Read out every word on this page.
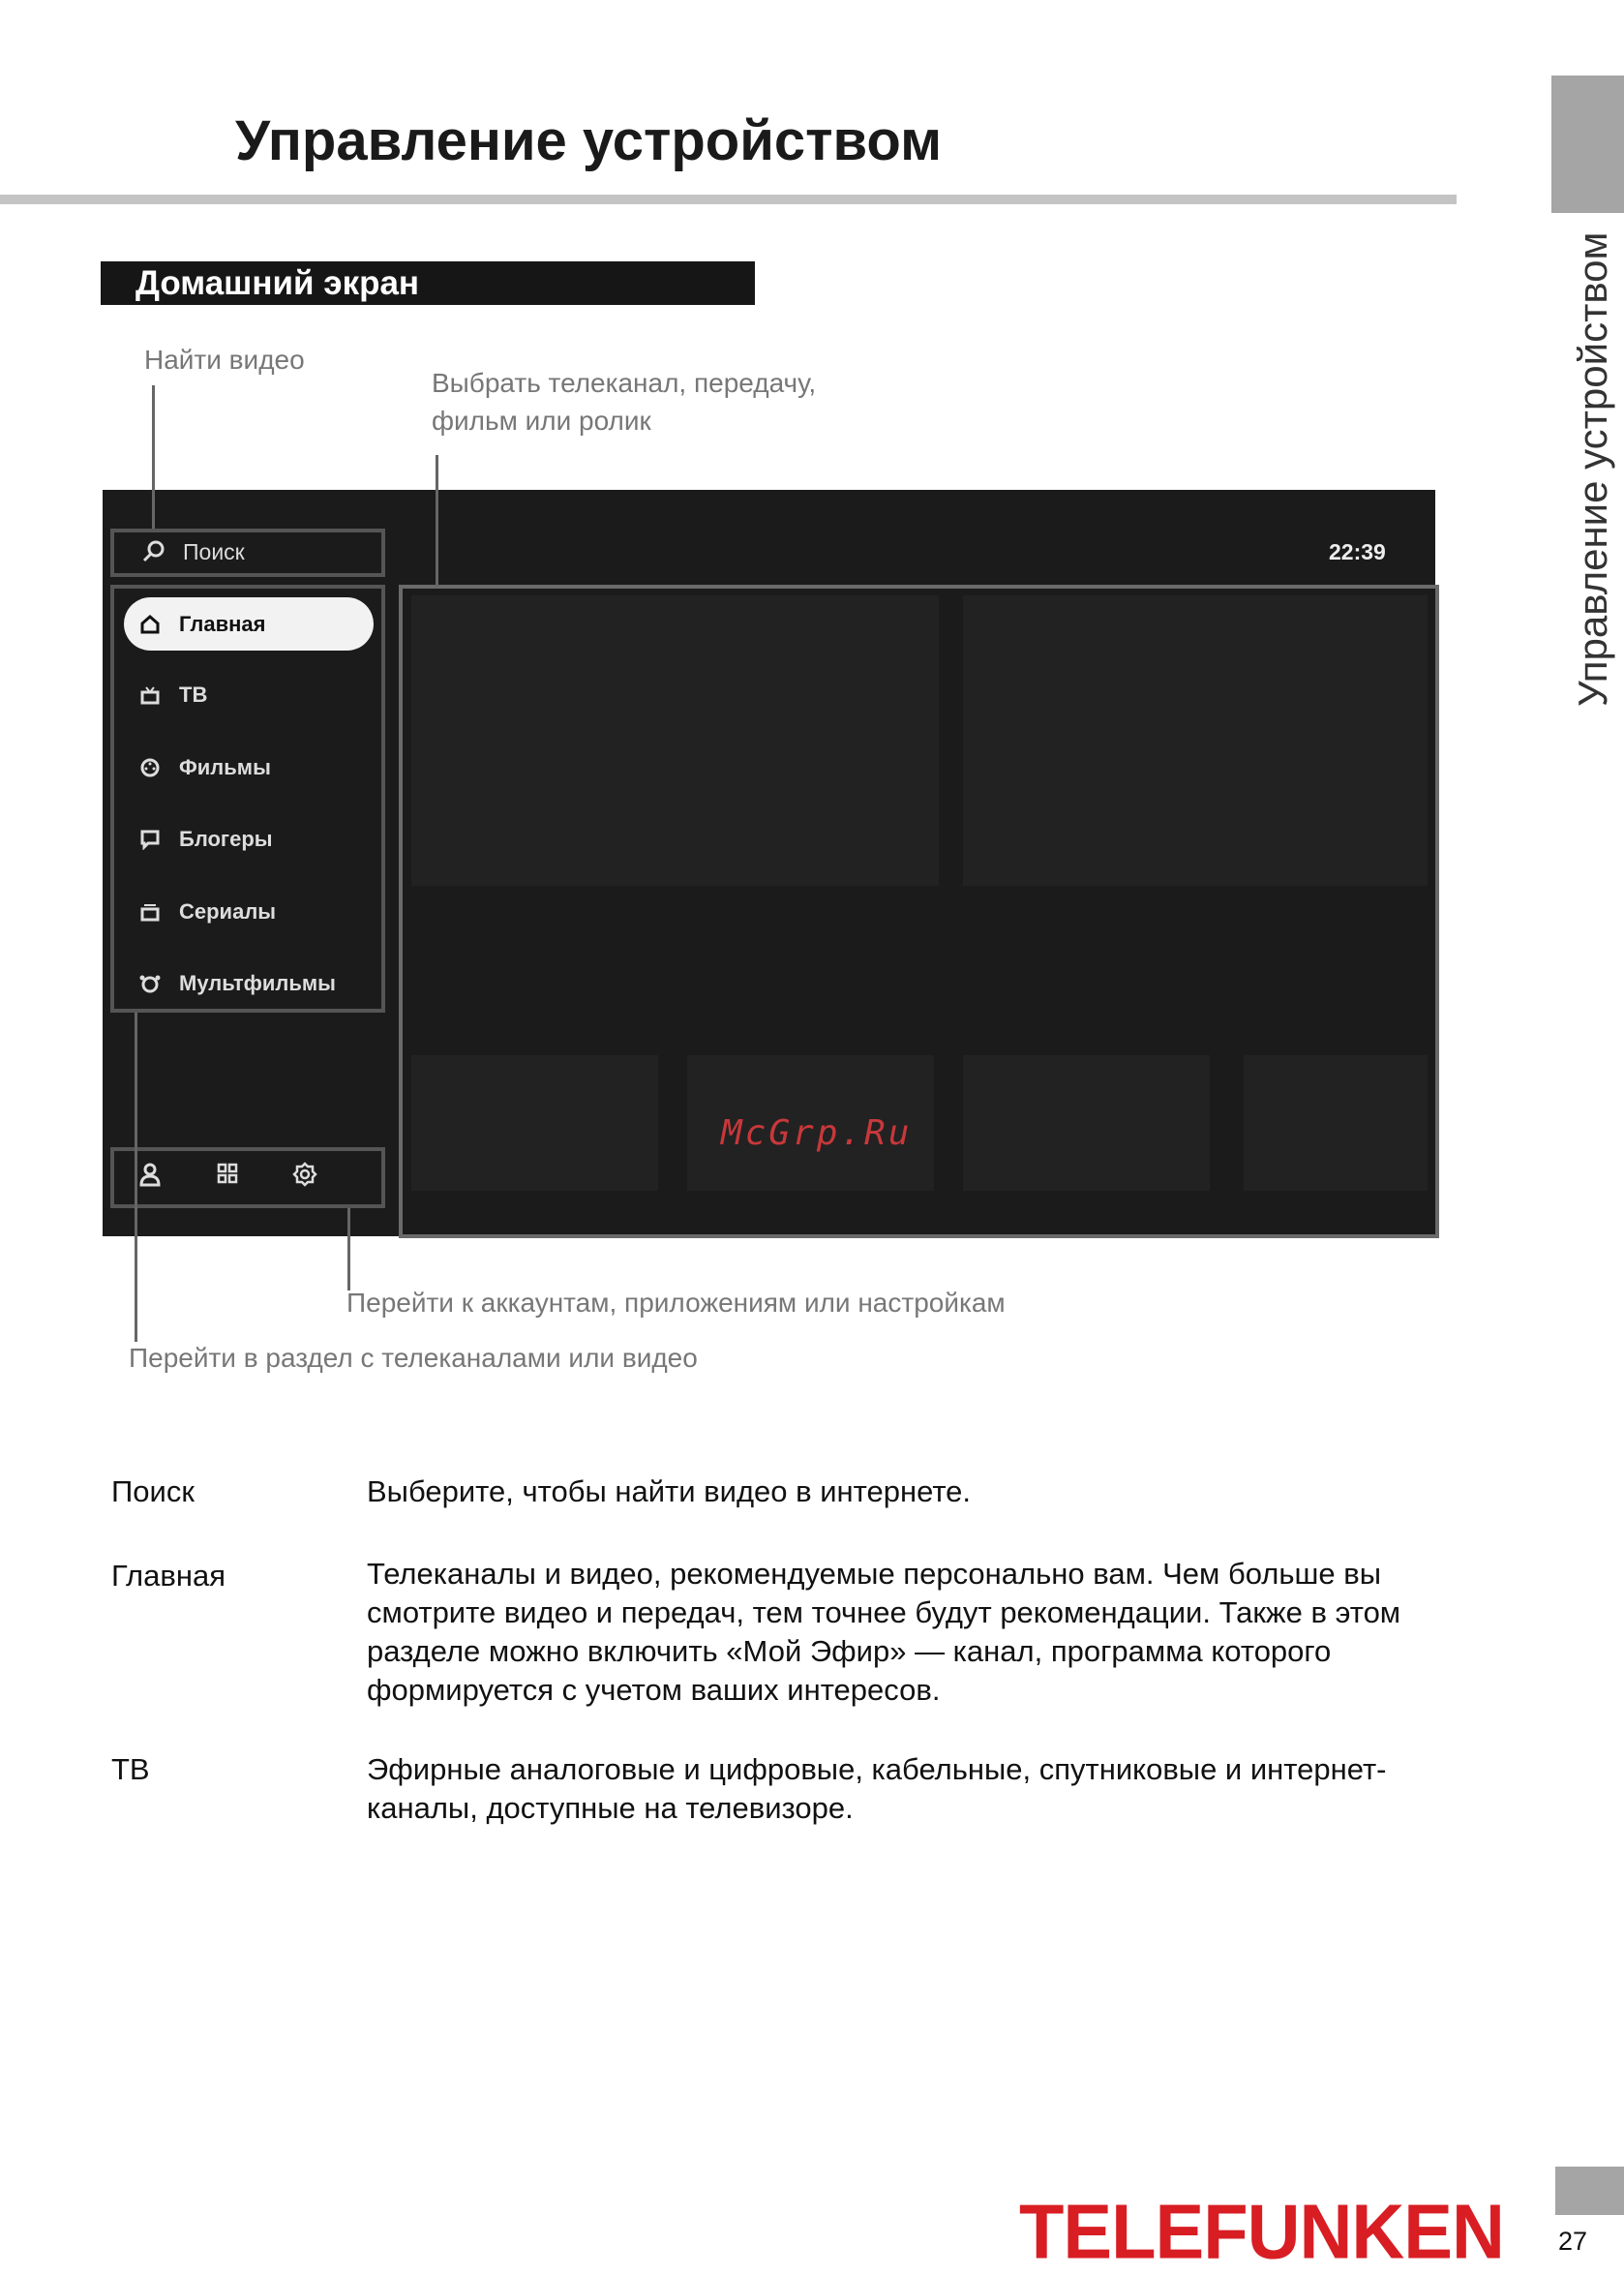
Управление устройством
Управление устройством
Домашний экран
Найти видео
Выбрать телеканал, передачу,
фильм или ролик
Поиск	22:39
Главная
ТВ
Фильмы
Блогеры
Сериалы
Мультфильмы
McGrp.Ru
Перейти к аккаунтам, приложениям или настройкам
Перейти в раздел с телеканалами или видео
Поиск	Выберите, чтобы найти видео в интернете.
Главная	Телеканалы и видео, рекомендуемые персонально вам. Чем больше вы смотрите видео и передач, тем точнее будут рекомендации. Также в этом разделе можно включить «Мой Эфир» — канал, программа которого формируется с учетом ваших интересов.
ТВ	Эфирные аналоговые и цифровые, кабельные, спутниковые и интернет-каналы, доступные на телевизоре.
TELEFUNKEN 27
